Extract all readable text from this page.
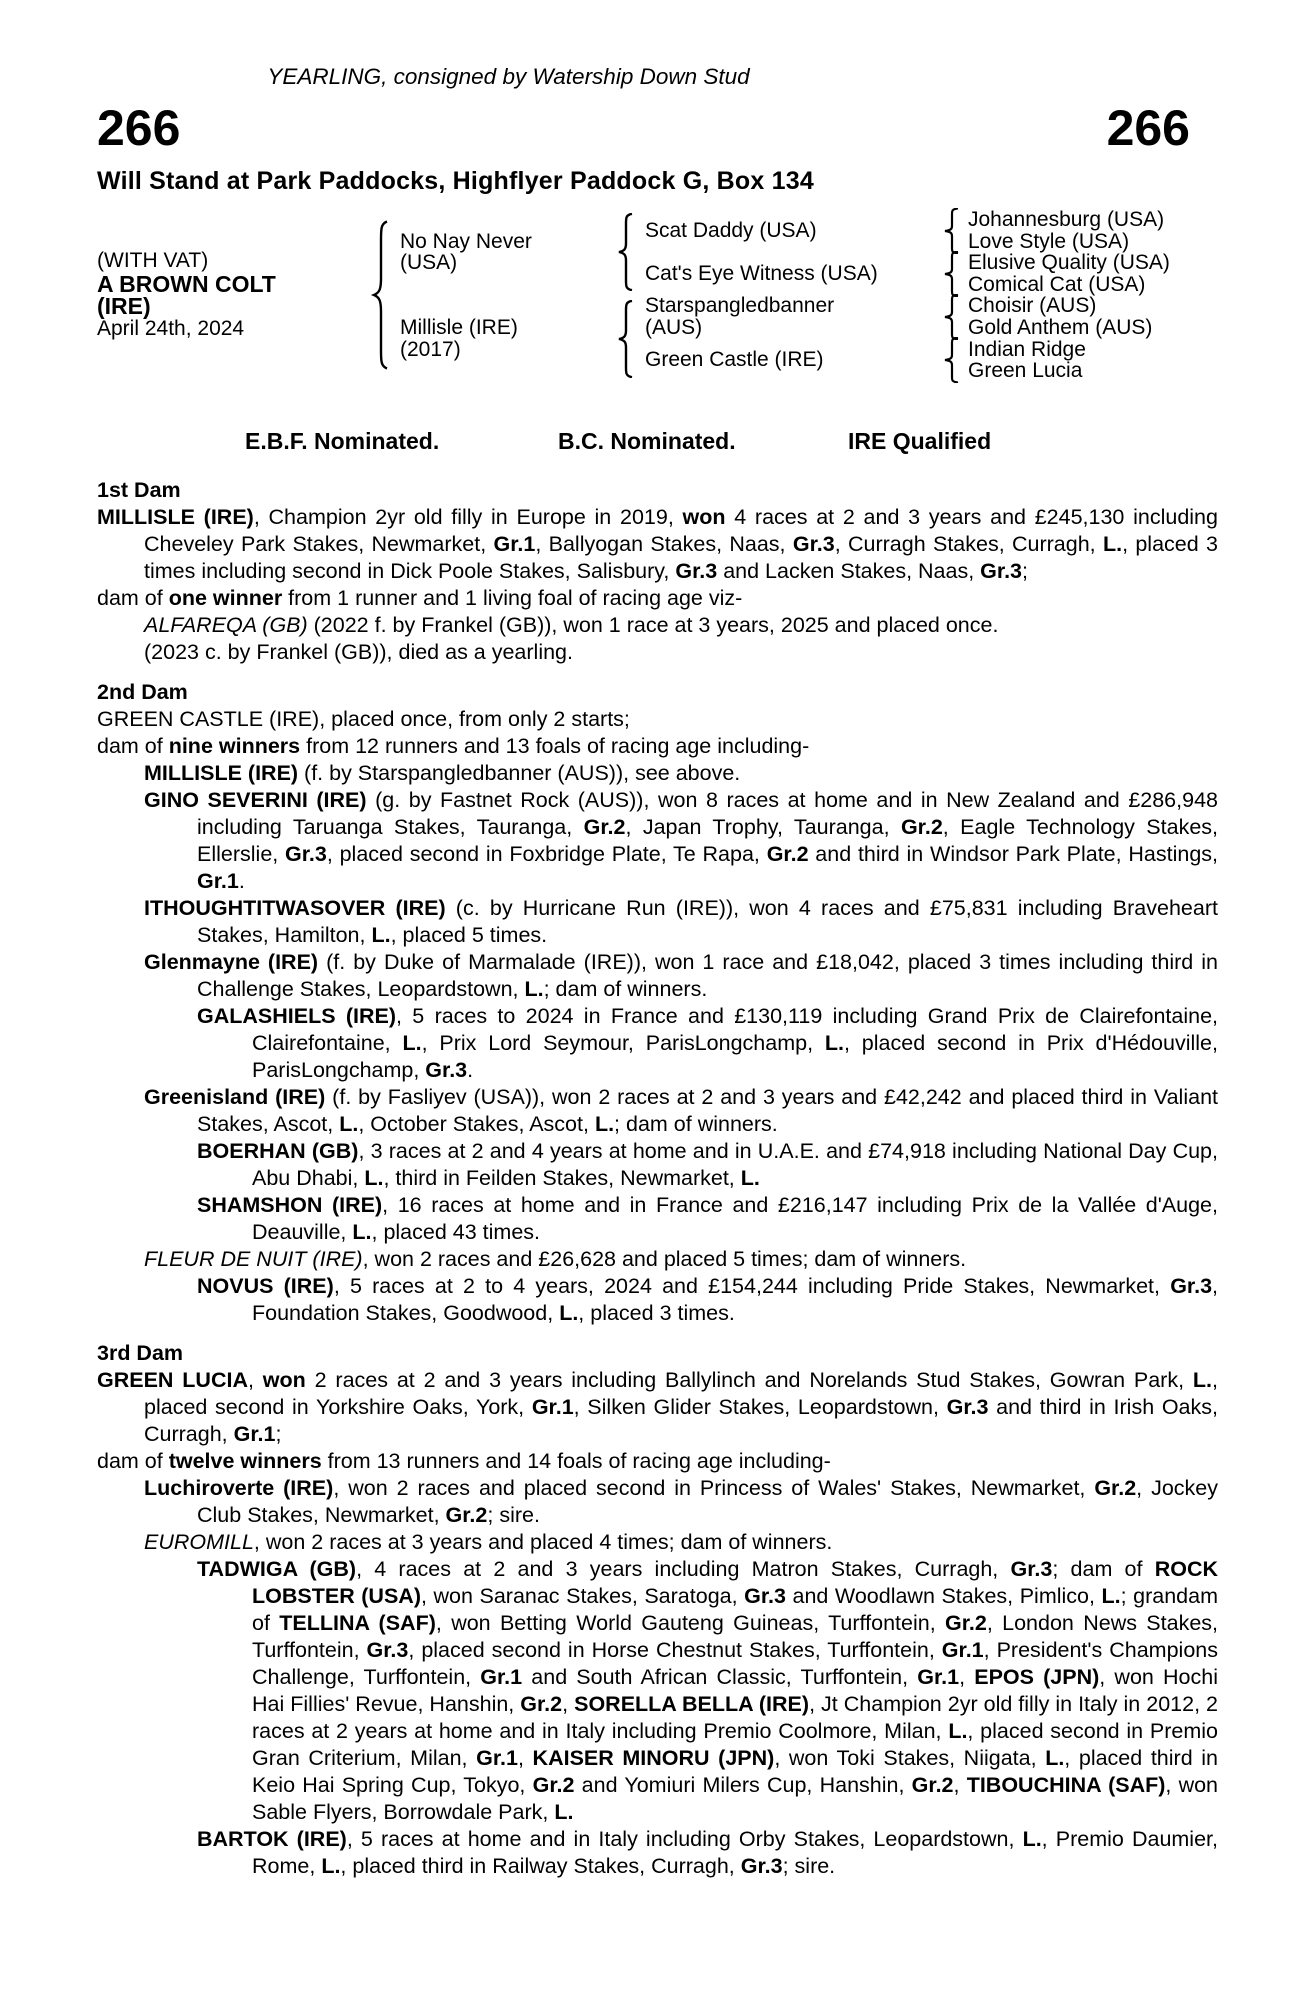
YEARLING, consigned by Watership Down Stud
266	266
Will Stand at Park Paddocks, Highflyer Paddock G, Box 134
(WITH VAT)
A BROWN COLT
(IRE)
April 24th, 2024
No Nay Never
(USA)
Millisle (IRE)
(2017)
Scat Daddy (USA)
Cat's Eye Witness (USA)
Starspangledbanner
(AUS)
Green Castle (IRE)
Johannesburg (USA)
Love Style (USA)
Elusive Quality (USA)
Comical Cat (USA)
Choisir (AUS)
Gold Anthem (AUS)
Indian Ridge
Green Lucia
E.B.F. Nominated.	B.C. Nominated.	IRE Qualified
1st Dam

MILLISLE (IRE), Champion 2yr old filly in Europe in 2019, won 4 races at 2 and 3 years and £245,130 including Cheveley Park Stakes, Newmarket, Gr.1, Ballyogan Stakes, Naas, Gr.3, Curragh Stakes, Curragh, L., placed 3 times including second in Dick Poole Stakes, Salisbury, Gr.3 and Lacken Stakes, Naas, Gr.3;

dam of one winner from 1 runner and 1 living foal of racing age viz-

ALFAREQA (GB) (2022 f. by Frankel (GB)), won 1 race at 3 years, 2025 and placed once.

(2023 c. by Frankel (GB)), died as a yearling.

2nd Dam

GREEN CASTLE (IRE), placed once, from only 2 starts;

dam of nine winners from 12 runners and 13 foals of racing age including-

MILLISLE (IRE) (f. by Starspangledbanner (AUS)), see above.

GINO SEVERINI (IRE) (g. by Fastnet Rock (AUS)), won 8 races at home and in New Zealand and £286,948 including Taruanga Stakes, Tauranga, Gr.2, Japan Trophy, Tauranga, Gr.2, Eagle Technology Stakes, Ellerslie, Gr.3, placed second in Foxbridge Plate, Te Rapa, Gr.2 and third in Windsor Park Plate, Hastings, Gr.1.

ITHOUGHTITWASOVER (IRE) (c. by Hurricane Run (IRE)), won 4 races and £75,831 including Braveheart Stakes, Hamilton, L., placed 5 times.

Glenmayne (IRE) (f. by Duke of Marmalade (IRE)), won 1 race and £18,042, placed 3 times including third in Challenge Stakes, Leopardstown, L.; dam of winners.

GALASHIELS (IRE), 5 races to 2024 in France and £130,119 including Grand Prix de Clairefontaine, Clairefontaine, L., Prix Lord Seymour, ParisLongchamp, L., placed second in Prix d'Hédouville, ParisLongchamp, Gr.3.

Greenisland (IRE) (f. by Fasliyev (USA)), won 2 races at 2 and 3 years and £42,242 and placed third in Valiant Stakes, Ascot, L., October Stakes, Ascot, L.; dam of winners.

BOERHAN (GB), 3 races at 2 and 4 years at home and in U.A.E. and £74,918 including National Day Cup, Abu Dhabi, L., third in Feilden Stakes, Newmarket, L.

SHAMSHON (IRE), 16 races at home and in France and £216,147 including Prix de la Vallée d'Auge, Deauville, L., placed 43 times.

FLEUR DE NUIT (IRE), won 2 races and £26,628 and placed 5 times; dam of winners.

NOVUS (IRE), 5 races at 2 to 4 years, 2024 and £154,244 including Pride Stakes, Newmarket, Gr.3, Foundation Stakes, Goodwood, L., placed 3 times.

3rd Dam

GREEN LUCIA, won 2 races at 2 and 3 years including Ballylinch and Norelands Stud Stakes, Gowran Park, L., placed second in Yorkshire Oaks, York, Gr.1, Silken Glider Stakes, Leopardstown, Gr.3 and third in Irish Oaks, Curragh, Gr.1;

dam of twelve winners from 13 runners and 14 foals of racing age including-

Luchiroverte (IRE), won 2 races and placed second in Princess of Wales' Stakes, Newmarket, Gr.2, Jockey Club Stakes, Newmarket, Gr.2; sire.

EUROMILL, won 2 races at 3 years and placed 4 times; dam of winners.

TADWIGA (GB), 4 races at 2 and 3 years including Matron Stakes, Curragh, Gr.3; dam of ROCK LOBSTER (USA), won Saranac Stakes, Saratoga, Gr.3 and Woodlawn Stakes, Pimlico, L.; grandam of TELLINA (SAF), won Betting World Gauteng Guineas, Turffontein, Gr.2, London News Stakes, Turffontein, Gr.3, placed second in Horse Chestnut Stakes, Turffontein, Gr.1, President's Champions Challenge, Turffontein, Gr.1 and South African Classic, Turffontein, Gr.1, EPOS (JPN), won Hochi Hai Fillies' Revue, Hanshin, Gr.2, SORELLA BELLA (IRE), Jt Champion 2yr old filly in Italy in 2012, 2 races at 2 years at home and in Italy including Premio Coolmore, Milan, L., placed second in Premio Gran Criterium, Milan, Gr.1, KAISER MINORU (JPN), won Toki Stakes, Niigata, L., placed third in Keio Hai Spring Cup, Tokyo, Gr.2 and Yomiuri Milers Cup, Hanshin, Gr.2, TIBOUCHINA (SAF), won Sable Flyers, Borrowdale Park, L.

BARTOK (IRE), 5 races at home and in Italy including Orby Stakes, Leopardstown, L., Premio Daumier, Rome, L., placed third in Railway Stakes, Curragh, Gr.3; sire.
